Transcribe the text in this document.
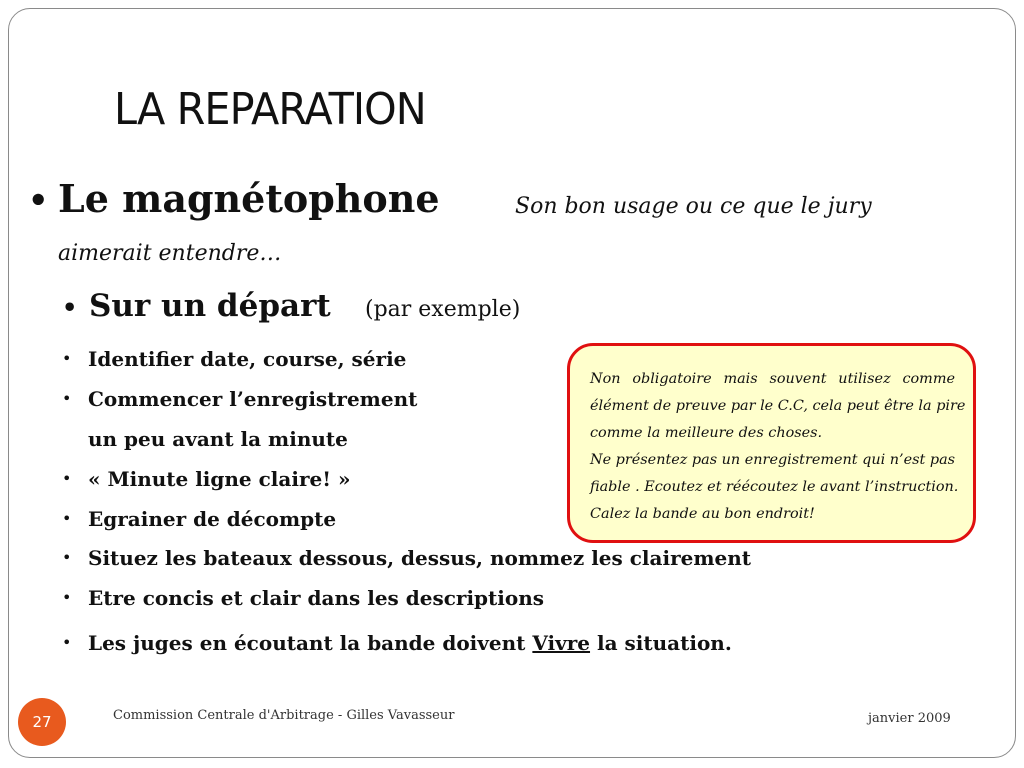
LA REPARATION
• Le magnétophone	Son bon usage ou ce que le jury
aimerait entendre…
• Sur un départ (par exemple)
• Identifier date, course, série
• Commencer l’enregistrement
un peu avant la minute
• « Minute ligne claire! »
• Egrainer de décompte
• Situez les bateaux dessous, dessus, nommez les clairement
• Etre concis et clair dans les descriptions
• Les juges en écoutant la bande doivent Vivre la situation.
Non obligatoire mais souvent utilisez comme
élément de preuve par le C.C, cela peut être la pire
comme la meilleure des choses.
Ne présentez pas un enregistrement qui n’est pas
fiable . Ecoutez et réécoutez le avant l’instruction.
Calez la bande au bon endroit!
27	Commission Centrale d'Arbitrage - Gilles Vavasseur	janvier 2009
